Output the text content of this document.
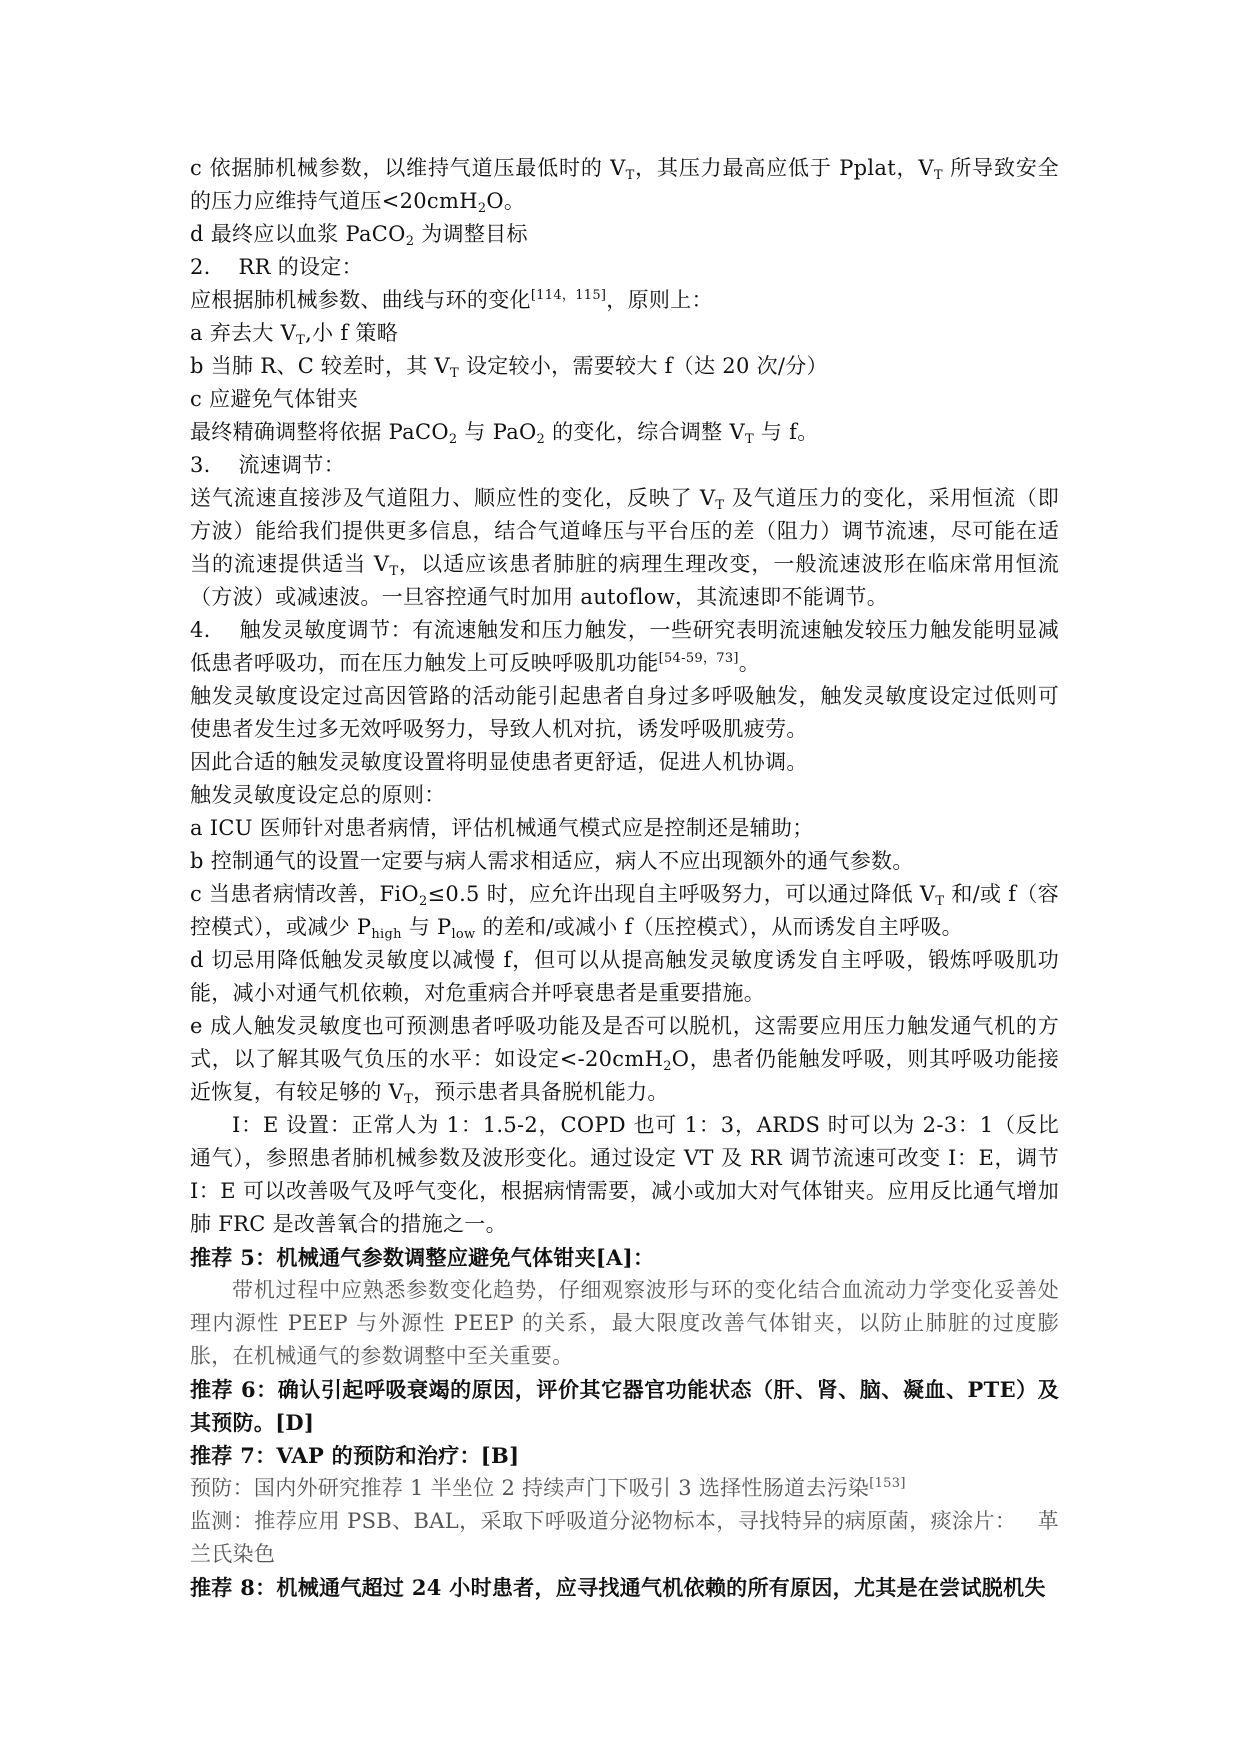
c 依据肺机械参数，以维持气道压最低时的 $V_T$，其压力最高应低于 Pplat，$V_T$ 所导致安全的压力应维持气道压<20cmH$_2$O。

d 最终应以血浆 PaCO$_2$ 为调整目标

2.    RR 的设定：

应根据肺机械参数、曲线与环的变化[114，115]，原则上：

a 弃去大 $V_T$,小 f 策略

b 当肺 R、C 较差时，其 $V_T$ 设定较小，需要较大 f（达 20 次/分）

c 应避免气体钳夹

最终精确调整将依据 PaCO$_2$ 与 PaO$_2$ 的变化，综合调整 $V_T$ 与 f。

3.    流速调节：

送气流速直接涉及气道阻力、顺应性的变化，反映了 $V_T$ 及气道压力的变化，采用恒流（即方波）能给我们提供更多信息，结合气道峰压与平台压的差（阻力）调节流速，尽可能在适当的流速提供适当 $V_T$，以适应该患者肺脏的病理生理改变，一般流速波形在临床常用恒流（方波）或减速波。一旦容控通气时加用 autoflow，其流速即不能调节。

4.    触发灵敏度调节：有流速触发和压力触发，一些研究表明流速触发较压力触发能明显减低患者呼吸功，而在压力触发上可反映呼吸肌功能[54-59，73]。

触发灵敏度设定过高因管路的活动能引起患者自身过多呼吸触发，触发灵敏度设定过低则可使患者发生过多无效呼吸努力，导致人机对抗，诱发呼吸肌疲劳。

因此合适的触发灵敏度设置将明显使患者更舒适，促进人机协调。

触发灵敏度设定总的原则：

a ICU 医师针对患者病情，评估机械通气模式应是控制还是辅助；

b 控制通气的设置一定要与病人需求相适应，病人不应出现额外的通气参数。

c 当患者病情改善，FiO$_2$≤0.5 时，应允许出现自主呼吸努力，可以通过降低 $V_T$ 和/或 f（容控模式），或减少 $P_{high}$ 与 $P_{low}$ 的差和/或减小 f（压控模式），从而诱发自主呼吸。

d 切忌用降低触发灵敏度以减慢 f，但可以从提高触发灵敏度诱发自主呼吸，锻炼呼吸肌功能，减小对通气机依赖，对危重病合并呼衰患者是重要措施。

e 成人触发灵敏度也可预测患者呼吸功能及是否可以脱机，这需要应用压力触发通气机的方式，以了解其吸气负压的水平：如设定<-20cmH$_2$O，患者仍能触发呼吸，则其呼吸功能接近恢复，有较足够的 $V_T$，预示患者具备脱机能力。

I：E 设置：正常人为 1：1.5-2，COPD 也可 1：3，ARDS 时可以为 2-3：1（反比通气），参照患者肺机械参数及波形变化。通过设定 VT 及 RR 调节流速可改变 I：E，调节 I：E 可以改善吸气及呼气变化，根据病情需要，减小或加大对气体钳夹。应用反比通气增加肺 FRC 是改善氧合的措施之一。

推荐 5：机械通气参数调整应避免气体钳夹[A]：

带机过程中应熟悉参数变化趋势，仔细观察波形与环的变化结合血流动力学变化妥善处理内源性 PEEP 与外源性 PEEP 的关系，最大限度改善气体钳夹，以防止肺脏的过度膨胀，在机械通气的参数调整中至关重要。

推荐 6：确认引起呼吸衰竭的原因，评价其它器官功能状态（肝、肾、脑、凝血、PTE）及其预防。[D]

推荐 7：VAP 的预防和治疗：[B]

预防：国内外研究推荐 1 半坐位 2 持续声门下吸引 3 选择性肠道去污染[153]

监测：推荐应用 PSB、BAL，采取下呼吸道分泌物标本，寻找特异的病原菌，痰涂片：   革兰氏染色

推荐 8：机械通气超过 24 小时患者，应寻找通气机依赖的所有原因，尤其是在尝试脱机失
